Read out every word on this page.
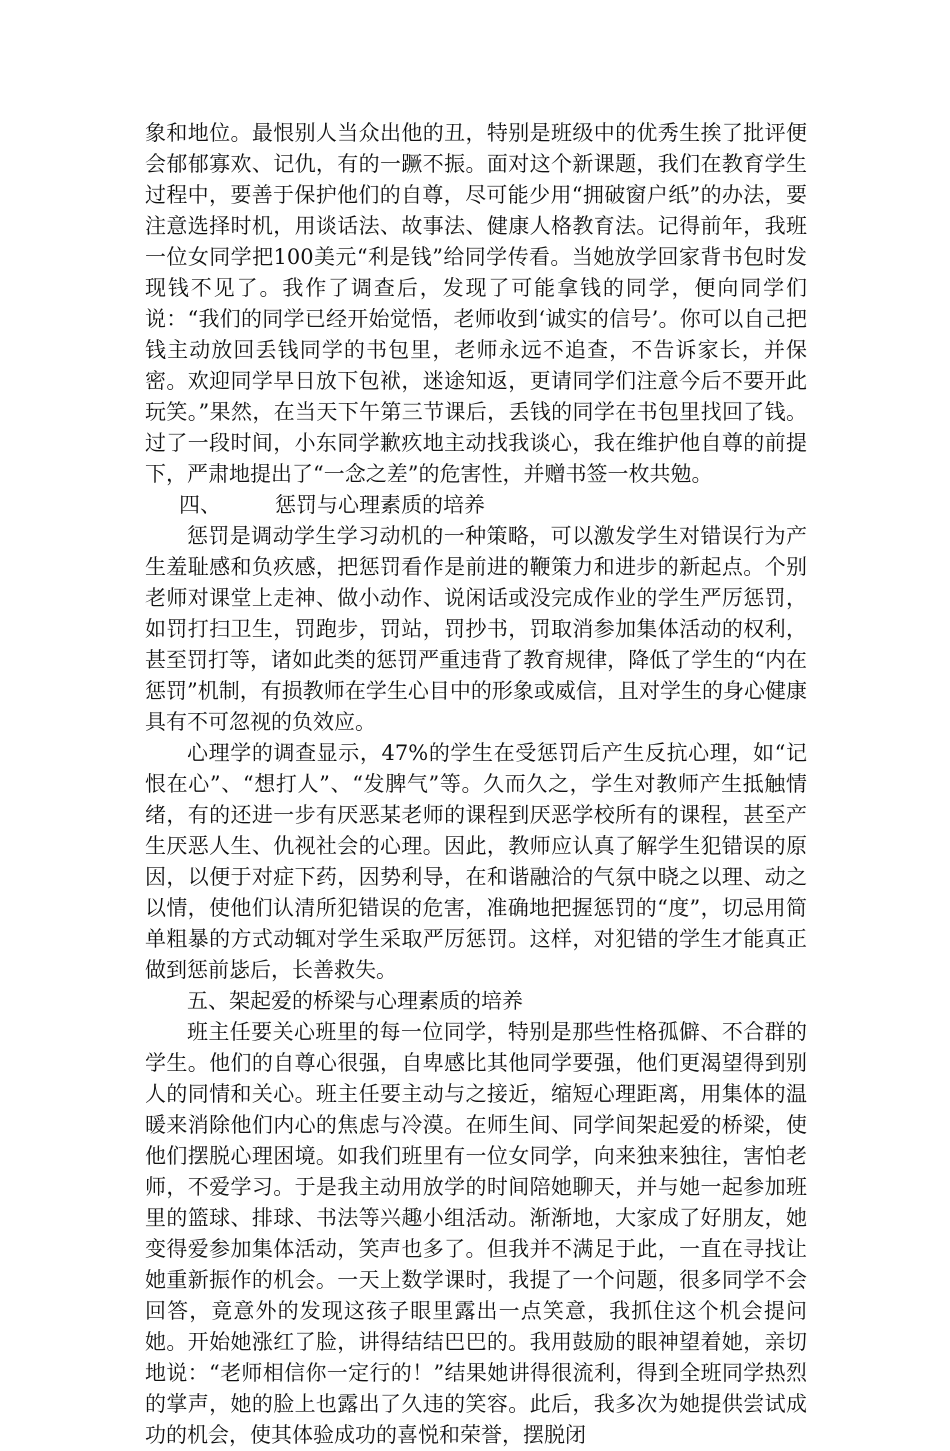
象和地位。最恨别人当众出他的丑，特别是班级中的优秀生挨了批评便会郁郁寡欢、记仇，有的一蹶不振。面对这个新课题，我们在教育学生过程中，要善于保护他们的自尊，尽可能少用“拥破窗户纸”的办法，要注意选择时机，用谈话法、故事法、健康人格教育法。记得前年，我班一位女同学把100美元“利是钱”给同学传看。当她放学回家背书包时发现钱不见了。我作了调查后，发现了可能拿钱的同学，便向同学们说：“我们的同学已经开始觉悟，老师收到‘诚实的信号’。你可以自己把钱主动放回丢钱同学的书包里，老师永远不追查，不告诉家长，并保密。欢迎同学早日放下包袱，迷途知返，更请同学们注意今后不要开此玩笑。”果然，在当天下午第三节课后，丢钱的同学在书包里找回了钱。过了一段时间，小东同学歉疚地主动找我谈心，我在维护他自尊的前提下，严肃地提出了“一念之差”的危害性，并赠书签一枚共勉。

四、	惩罚与心理素质的培养

惩罚是调动学生学习动机的一种策略，可以激发学生对错误行为产生羞耻感和负疚感，把惩罚看作是前进的鞭策力和进步的新起点。个别老师对课堂上走神、做小动作、说闲话或没完成作业的学生严厉惩罚，如罚打扫卫生，罚跑步，罚站，罚抄书，罚取消参加集体活动的权利，甚至罚打等，诸如此类的惩罚严重违背了教育规律，降低了学生的“内在惩罚”机制，有损教师在学生心目中的形象或威信，且对学生的身心健康具有不可忽视的负效应。

心理学的调查显示，47%的学生在受惩罚后产生反抗心理，如“记恨在心”、“想打人”、“发脾气”等。久而久之，学生对教师产生抵触情绪，有的还进一步有厌恶某老师的课程到厌恶学校所有的课程，甚至产生厌恶人生、仇视社会的心理。因此，教师应认真了解学生犯错误的原因，以便于对症下药，因势利导，在和谐融洽的气氛中晓之以理、动之以情，使他们认清所犯错误的危害，准确地把握惩罚的“度”，切忌用简单粗暴的方式动辄对学生采取严厉惩罚。这样，对犯错的学生才能真正做到惩前毖后，长善救失。

五、架起爱的桥梁与心理素质的培养

班主任要关心班里的每一位同学，特别是那些性格孤僻、不合群的学生。他们的自尊心很强，自卑感比其他同学要强，他们更渴望得到别人的同情和关心。班主任要主动与之接近，缩短心理距离，用集体的温暖来消除他们内心的焦虑与冷漠。在师生间、同学间架起爱的桥梁，使他们摆脱心理困境。如我们班里有一位女同学，向来独来独往，害怕老师，不爱学习。于是我主动用放学的时间陪她聊天，并与她一起参加班里的篮球、排球、书法等兴趣小组活动。渐渐地，大家成了好朋友，她变得爱参加集体活动，笑声也多了。但我并不满足于此，一直在寻找让她重新振作的机会。一天上数学课时，我提了一个问题，很多同学不会回答，竟意外的发现这孩子眼里露出一点笑意，我抓住这个机会提问她。开始她涨红了脸，讲得结结巴巴的。我用鼓励的眼神望着她，亲切地说：“老师相信你一定行的！”结果她讲得很流利，得到全班同学热烈的掌声，她的脸上也露出了久违的笑容。此后，我多次为她提供尝试成功的机会，使其体验成功的喜悦和荣誉，摆脱闭
